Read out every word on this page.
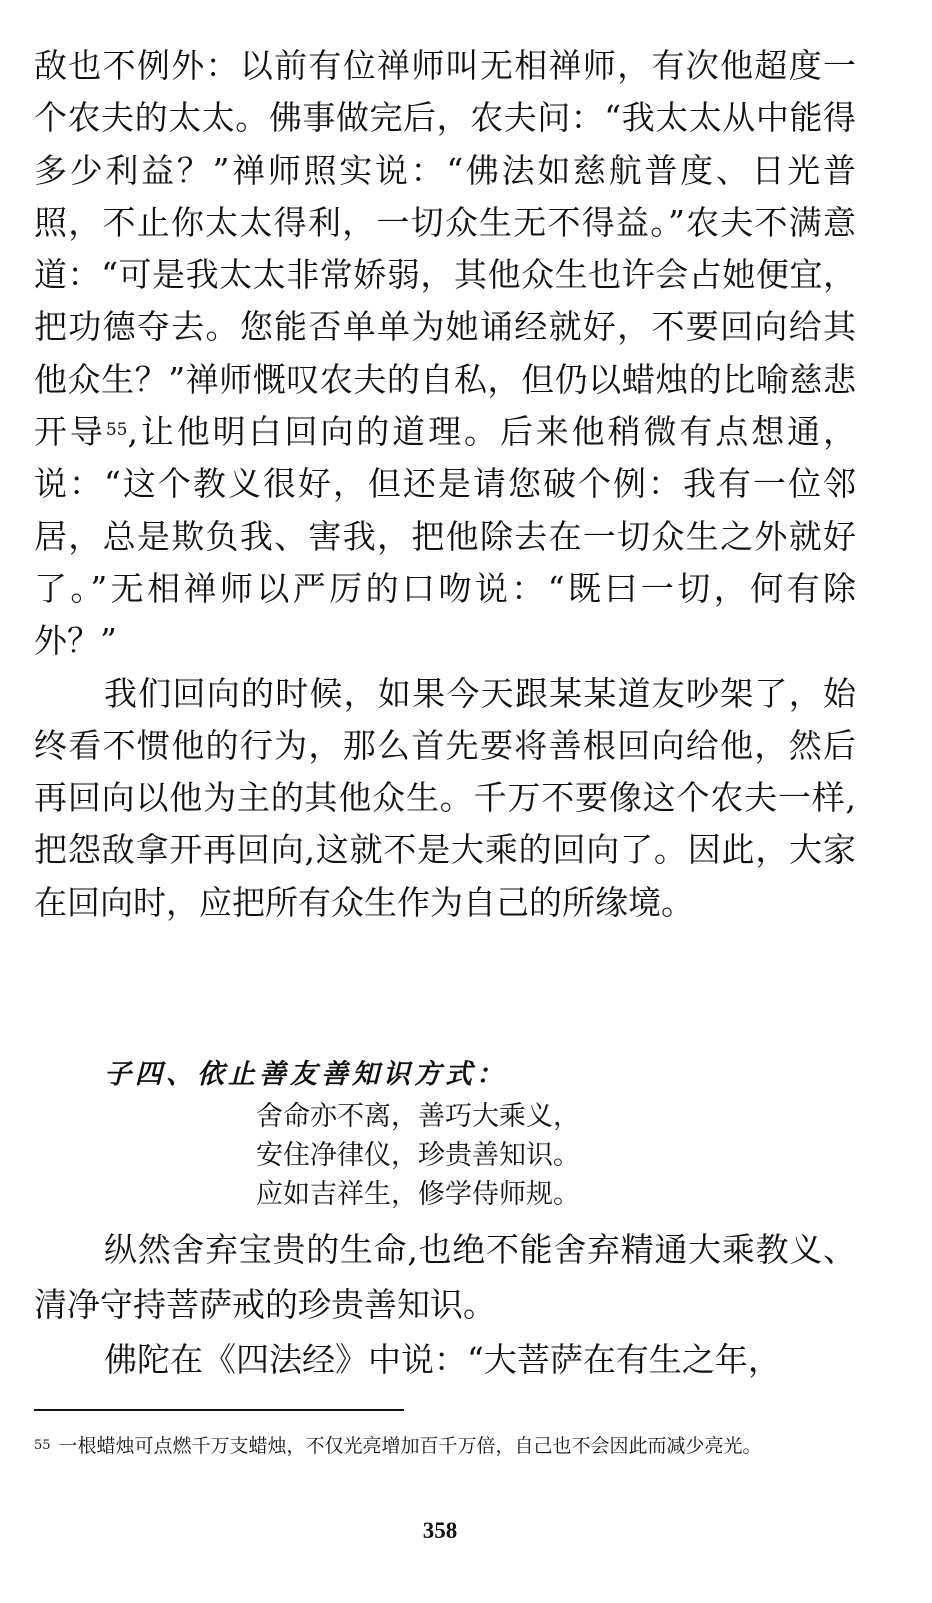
敌也不例外：以前有位禅师叫无相禅师，有次他超度一个农夫的太太。佛事做完后，农夫问：“我太太从中能得多少利益？”禅师照实说：“佛法如慈航普度、日光普照，不止你太太得利，一切众生无不得益。”农夫不满意道：“可是我太太非常娇弱，其他众生也许会占她便宜，把功德夺去。您能否单单为她诵经就好，不要回向给其他众生？”禅师慨叹农夫的自私，但仍以蜡烛的比喻慈悲开导$^{55}$,让他明白回向的道理。后来他稍微有点想通，说：“这个教义很好，但还是请您破个例：我有一位邻居，总是欺负我、害我，把他除去在一切众生之外就好了。”无相禅师以严厉的口吻说：“既曰一切，何有除外？”

我们回向的时候，如果今天跟某某道友吵架了，始终看不惯他的行为，那么首先要将善根回向给他，然后再回向以他为主的其他众生。千万不要像这个农夫一样,把怨敌拿开再回向,这就不是大乘的回向了。因此，大家在回向时，应把所有众生作为自己的所缘境。

子四、依止善友善知识方式：
舍命亦不离，善巧大乘义，
安住净律仪，珍贵善知识。
应如吉祥生，修学侍师规。

纵然舍弃宝贵的生命,也绝不能舍弃精通大乘教义、清净守持菩萨戒的珍贵善知识。

佛陀在《四法经》中说：“大菩萨在有生之年，

$^{55}$ 一根蜡烛可点燃千万支蜡烛，不仅光亮增加百千万倍，自己也不会因此而减少亮光。
358
